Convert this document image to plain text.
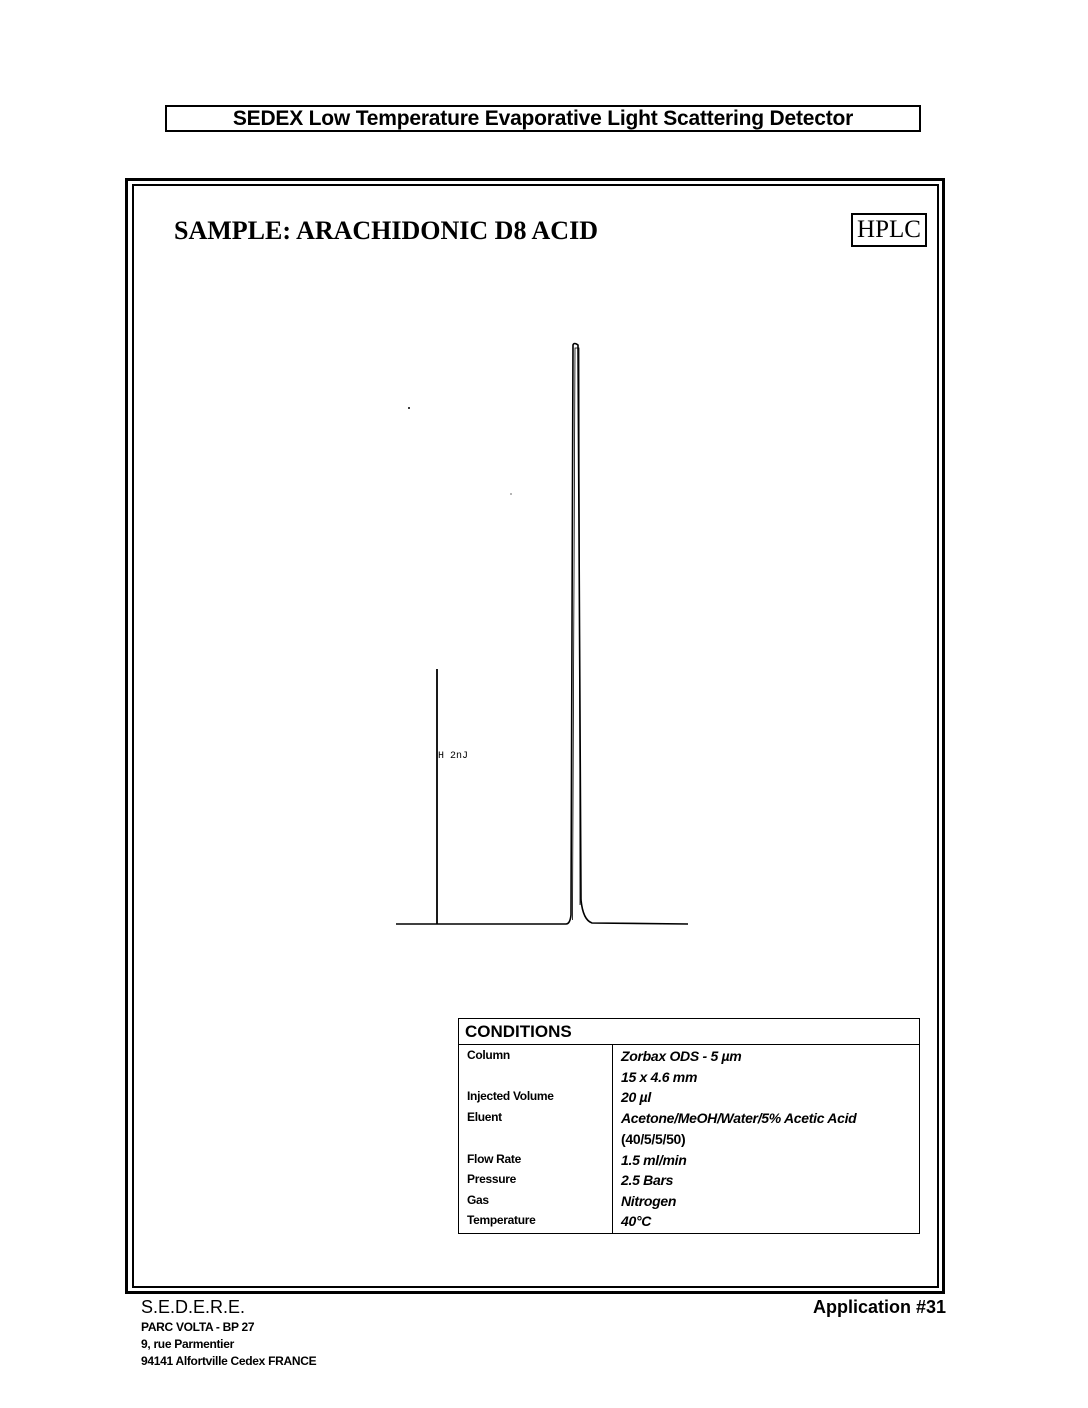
SEDEX Low Temperature Evaporative Light Scattering Detector
SAMPLE: ARACHIDONIC D8 ACID	HPLC
H 2nJ
CONDITIONS
Column	Zorbax ODS - 5 µm
15 x 4.6 mm
Injected Volume	20 µl
Eluent	Acetone/MeOH/Water/5% Acetic Acid
(40/5/5/50)
Flow Rate	1.5 ml/min
Pressure	2.5 Bars
Gas	Nitrogen
Temperature	40°C
S.E.D.E.R.E.
PARC VOLTA - BP 27
9, rue Parmentier
94141 Alfortville Cedex FRANCE
Application #31
